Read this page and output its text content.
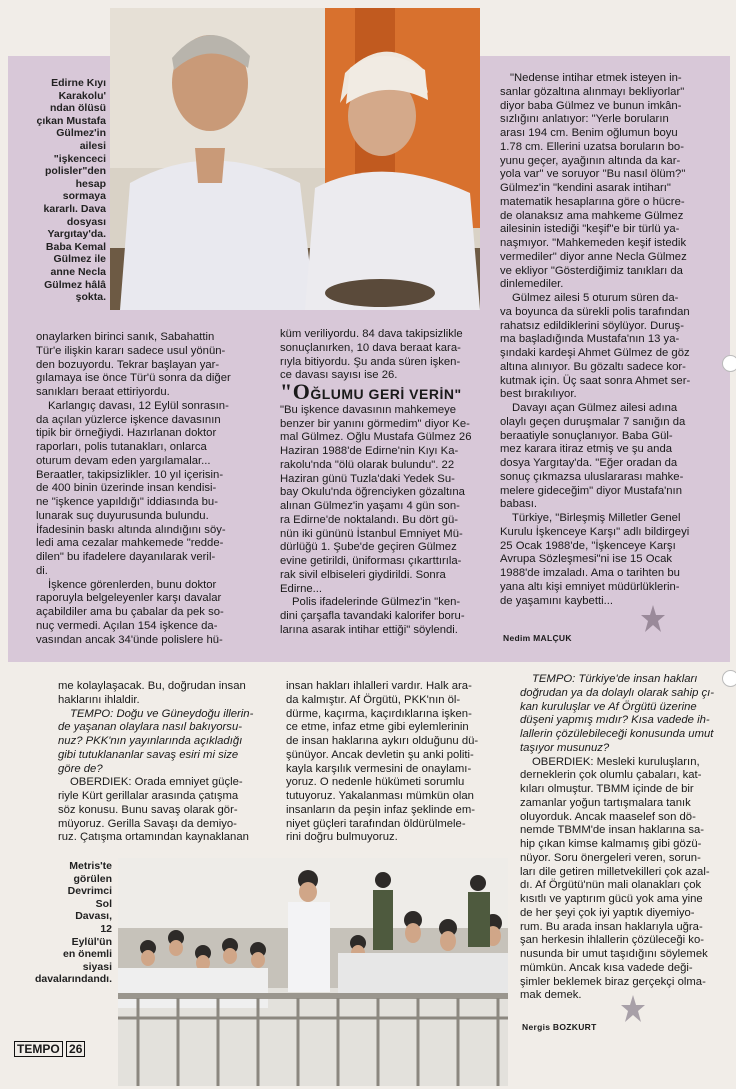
Edirne Kıyı
Karakolu'
ndan ölüsü
çıkan Mustafa
Gülmez'in
ailesi
"işkenceci
polisler"den
hesap
sormaya
kararlı. Dava
dosyası
Yargıtay'da.
Baba Kemal
Gülmez ile
anne Necla
Gülmez hâlâ
şokta.
onaylarken birinci sanık, Sabahattin
Tür'e ilişkin kararı sadece usul yönün-
den bozuyordu. Tekrar başlayan yar-
gılamaya ise önce Tür'ü sonra da diğer
sanıkları beraat ettiriyordu.
Karlangıç davası, 12 Eylül sonrasın-
da açılan yüzlerce işkence davasının
tipik bir örneğiydi. Hazırlanan doktor
raporları, polis tutanakları, onlarca
oturum devam eden yargılamalar...
Beraatler, takipsizlikler. 10 yıl içerisin-
de 400 binin üzerinde insan kendisi-
ne "işkence yapıldığı" iddiasında bu-
lunarak suç duyurusunda bulundu.
İfadesinin baskı altında alındığını söy-
ledi ama cezalar mahkemede "redde-
dilen" bu ifadelere dayanılarak veril-
di.
İşkence görenlerden, bunu doktor
raporuyla belgeleyenler karşı davalar
açabildiler ama bu çabalar da pek so-
nuç vermedi. Açılan 154 işkence da-
vasından ancak 34'ünde polislere hü-
küm veriliyordu. 84 dava takipsizlikle
sonuçlanırken, 10 dava beraat kara-
rıyla bitiyordu. Şu anda süren işken-
ce davası sayısı ise 26.
"OĞLUMU GERİ VERİN"
"Bu işkence davasının mahkemeye
benzer bir yanını görmedim" diyor Ke-
mal Gülmez. Oğlu Mustafa Gülmez 26
Haziran 1988'de Edirne'nin Kıyı Ka-
rakolu'nda "ölü olarak bulundu". 22
Haziran günü Tuzla'daki Yedek Su-
bay Okulu'nda öğrenciyken gözaltına
alınan Gülmez'in yaşamı 4 gün son-
ra Edirne'de noktalandı. Bu dört gü-
nün iki gününü İstanbul Emniyet Mü-
dürlüğü 1. Şube'de geçiren Gülmez
evine getirildi, üniforması çıkarttırıla-
rak sivil elbiseleri giydirildi. Sonra
Edirne...
Polis ifadelerinde Gülmez'in "ken-
dini çarşafla tavandaki kalorifer boru-
larına asarak intihar ettiği" söylendi.
"Nedense intihar etmek isteyen in-
sanlar gözaltına alınmayı bekliyorlar"
diyor baba Gülmez ve bunun imkân-
sızlığını anlatıyor: "Yerle boruların
arası 194 cm. Benim oğlumun boyu
1.78 cm. Ellerini uzatsa boruların bo-
yunu geçer, ayağının altında da kar-
yola var" ve soruyor "Bu nasıl ölüm?"
Gülmez'in "kendini asarak intiharı"
matematik hesaplarına göre o hücre-
de olanaksız ama mahkeme Gülmez
ailesinin istediği "keşif"e bir türlü ya-
naşmıyor. "Mahkemeden keşif istedik
vermediler" diyor anne Necla Gülmez
ve ekliyor "Gösterdiğimiz tanıkları da
dinlemediler.
Gülmez ailesi 5 oturum süren da-
va boyunca da sürekli polis tarafından
rahatsız edildiklerini söylüyor. Duruş-
ma başladığında Mustafa'nın 13 ya-
şındaki kardeşi Ahmet Gülmez de göz
altına alınıyor. Bu gözaltı sadece kor-
kutmak için. Üç saat sonra Ahmet ser-
best bırakılıyor.
Davayı açan Gülmez ailesi adına
olaylı geçen duruşmalar 7 sanığın da
beraatiyle sonuçlanıyor. Baba Gül-
mez karara itiraz etmiş ve şu anda
dosya Yargıtay'da. "Eğer oradan da
sonuç çıkmazsa uluslararası mahke-
melere gideceğim" diyor Mustafa'nın
babası.
Türkiye, "Birleşmiş Milletler Genel
Kurulu İşkenceye Karşı" adlı bildirgeyi
25 Ocak 1988'de, "İşkenceye Karşı
Avrupa Sözleşmesi"ni ise 15 Ocak
1988'de imzaladı. Ama o tarihten bu
yana altı kişi emniyet müdürlüklerin-
de yaşamını kaybetti...
Nedim MALÇUK
me kolaylaşacak. Bu, doğrudan insan
haklarını ihlaldir.
TEMPO: Doğu ve Güneydoğu illerin-
de yaşanan olaylara nasıl bakıyorsu-
nuz? PKK'nın yayınlarında açıkladığı
gibi tutuklananlar savaş esiri mi size
göre de?
OBERDIEK: Orada emniyet güçle-
riyle Kürt gerillalar arasında çatışma
söz konusu. Bunu savaş olarak gör-
müyoruz. Gerilla Savaşı da demiyo-
ruz. Çatışma ortamından kaynaklanan
insan hakları ihlalleri vardır. Halk ara-
da kalmıştır. Af Örgütü, PKK'nın öl-
dürme, kaçırma, kaçırdıklarına işken-
ce etme, infaz etme gibi eylemlerinin
de insan haklarına aykırı olduğunu dü-
şünüyor. Ancak devletin şu anki politi-
kayla karşılık vermesini de onaylamı-
yoruz. O nedenle hükümeti sorumlu
tutuyoruz. Yakalanması mümkün olan
insanların da peşin infaz şeklinde em-
niyet güçleri tarafından öldürülmele-
rini doğru bulmuyoruz.
TEMPO: Türkiye'de insan hakları
doğrudan ya da dolaylı olarak sahip çı-
kan kuruluşlar ve Af Örgütü üzerine
düşeni yapmış mıdır? Kısa vadede ih-
lallerin çözülebileceği konusunda umut
taşıyor musunuz?
OBERDIEK: Mesleki kuruluşların,
derneklerin çok olumlu çabaları, kat-
kıları olmuştur. TBMM içinde de bir
zamanlar yoğun tartışmalara tanık
oluyorduk. Ancak maaselef son dö-
nemde TBMM'de insan haklarına sa-
hip çıkan kimse kalmamış gibi gözü-
nüyor. Soru önergeleri veren, sorun-
ları dile getiren milletvekilleri çok azal-
dı. Af Örgütü'nün mali olanakları çok
kısıtlı ve yaptırım gücü yok ama yine
de her şeyi çok iyi yaptık diyemiyo-
rum. Bu arada insan haklarıyla uğra-
şan herkesin ihlallerin çözüleceği ko-
nusunda bir umut taşıdığını söylemek
mümkün. Ancak kısa vadede deği-
şimler beklemek biraz gerçekçi olma-
mak demek.
Nergis BOZKURT
Metris'te
görülen
Devrimci
Sol
Davası,
12
Eylül'ün
en önemli
siyasi
davalarındandı.
TEMPO 26
